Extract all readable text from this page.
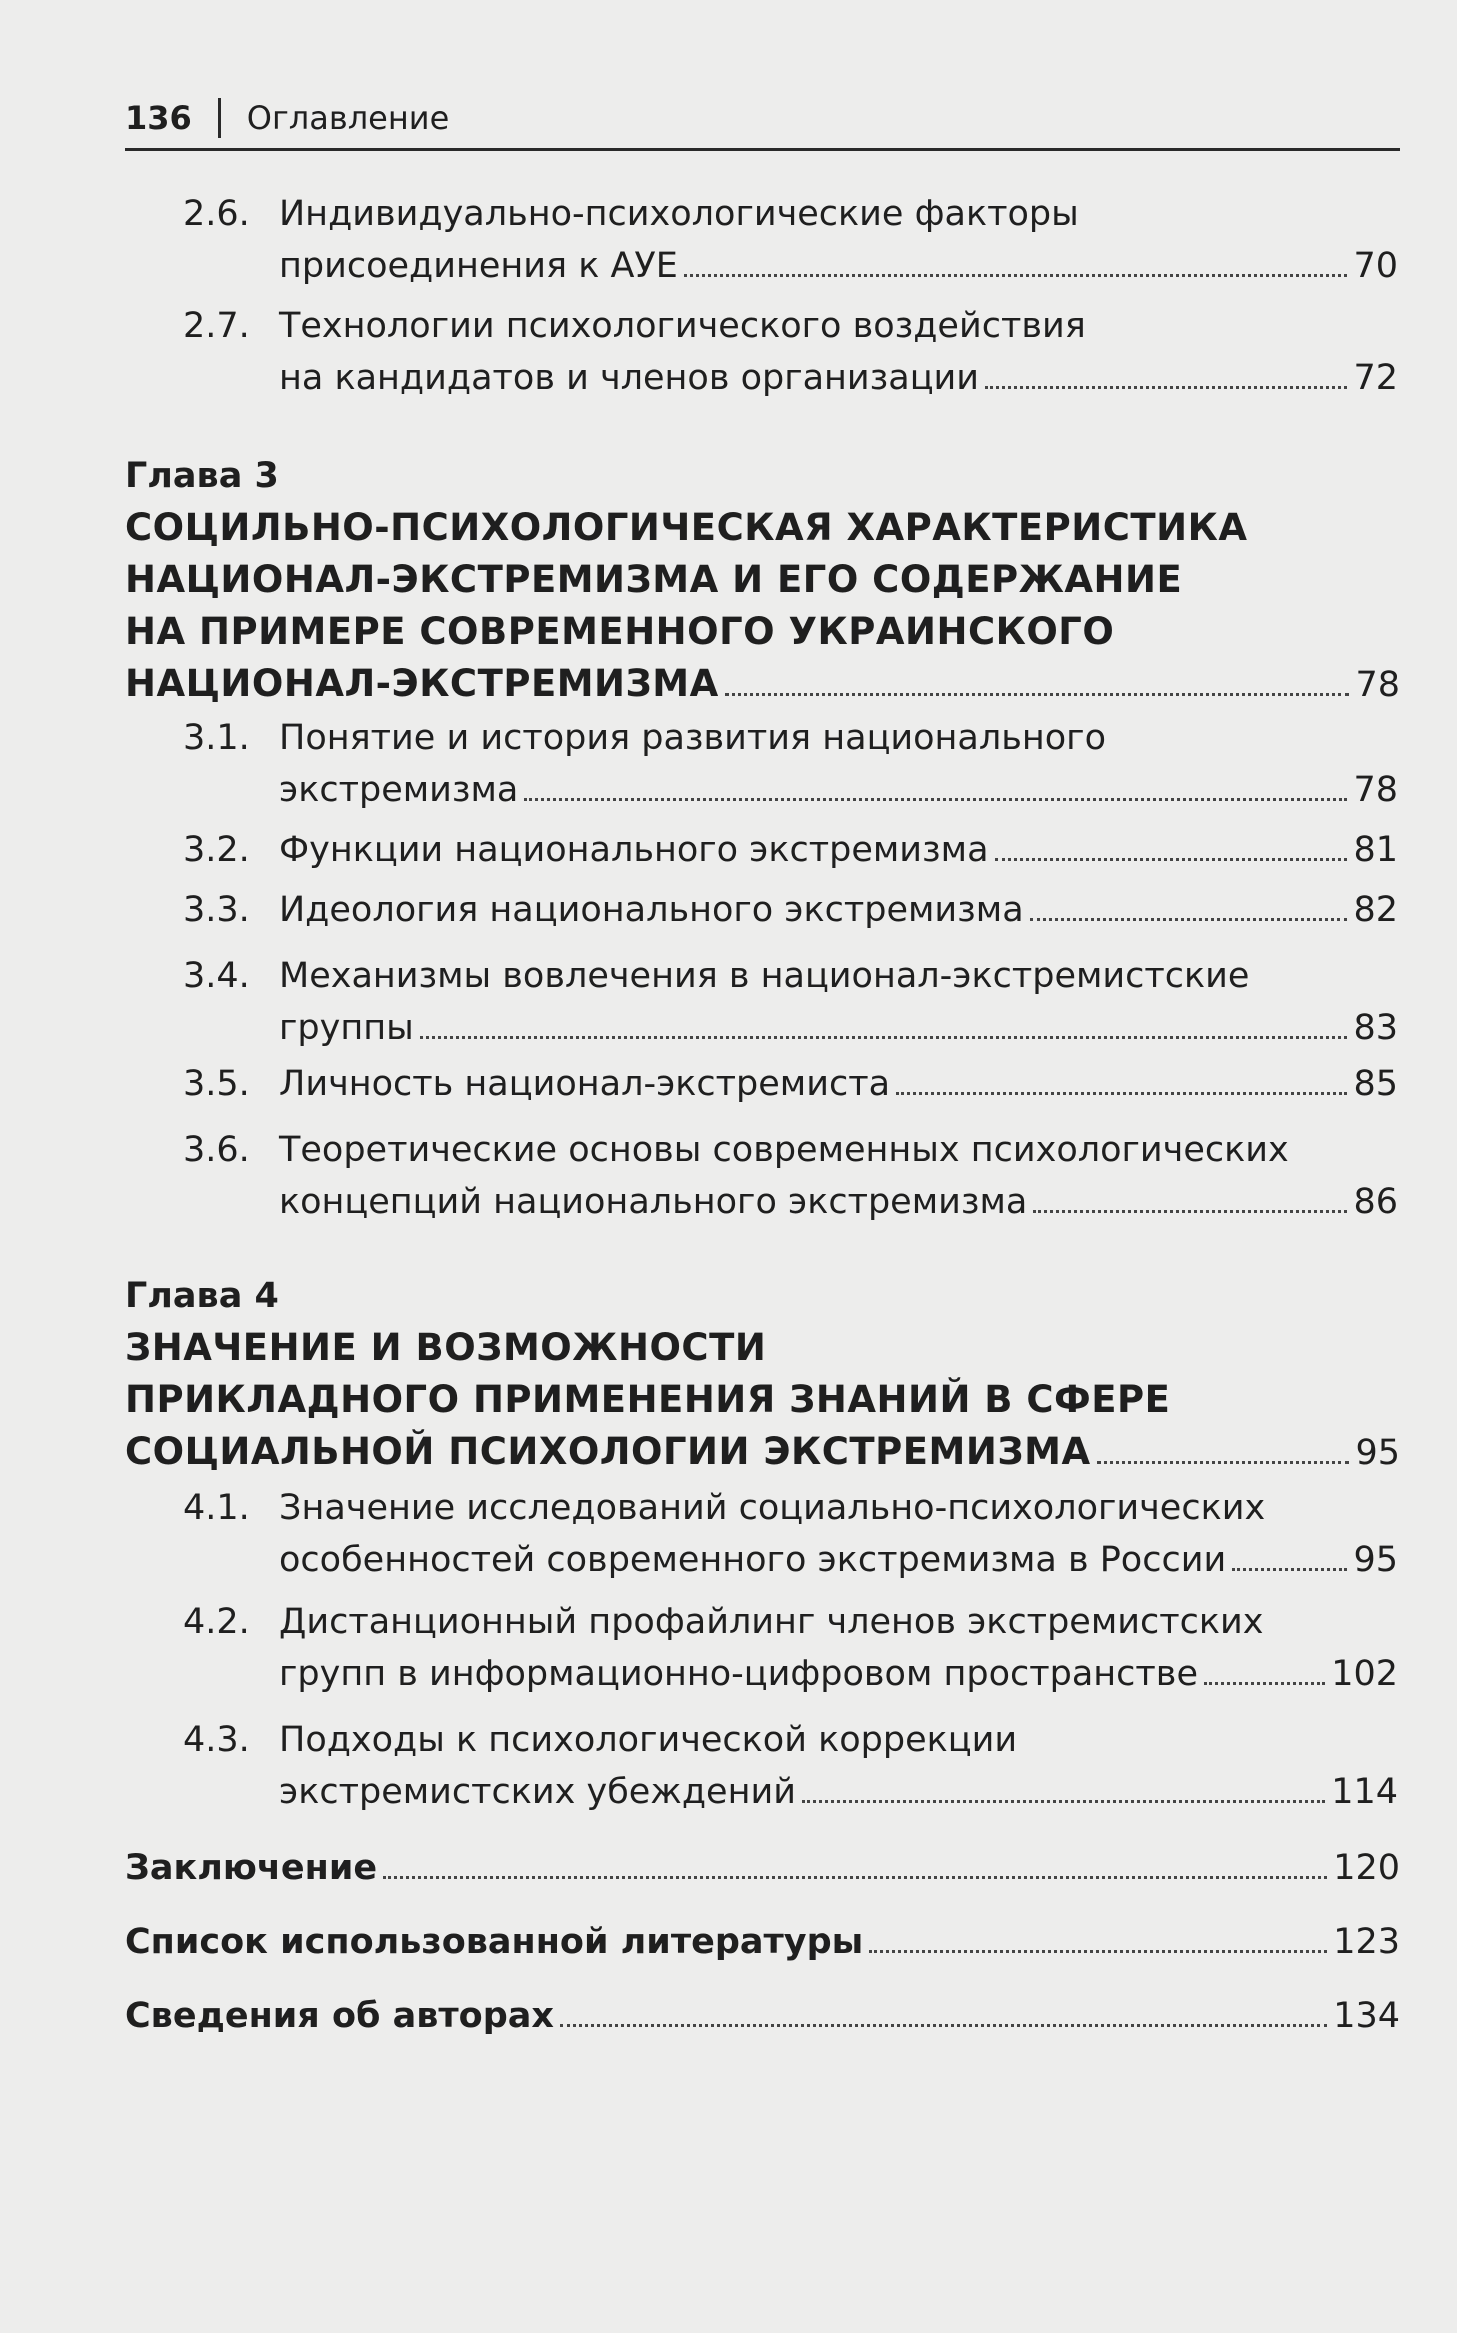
136 Оглавление
2.6. Индивидуально-психологические факторы
присоединения к АУЕ	70
2.7. Технологии психологического воздействия
на кандидатов и членов организации	72
Глава 3
СОЦИЛЬНО-ПСИХОЛОГИЧЕСКАЯ ХАРАКТЕРИСТИКА
НАЦИОНАЛ-ЭКСТРЕМИЗМА И ЕГО СОДЕРЖАНИЕ
НА ПРИМЕРЕ СОВРЕМЕННОГО УКРАИНСКОГО
НАЦИОНАЛ-ЭКСТРЕМИЗМА	78
3.1. Понятие и история развития национального
экстремизма	78
3.2. Функции национального экстремизма	81
3.3. Идеология национального экстремизма	82
3.4. Механизмы вовлечения в национал-экстремистские
группы	83
3.5. Личность национал-экстремиста	85
3.6. Теоретические основы современных психологических
концепций национального экстремизма	86
Глава 4
ЗНАЧЕНИЕ И ВОЗМОЖНОСТИ
ПРИКЛАДНОГО ПРИМЕНЕНИЯ ЗНАНИЙ В СФЕРЕ
СОЦИАЛЬНОЙ ПСИХОЛОГИИ ЭКСТРЕМИЗМА	95
4.1. Значение исследований социально-психологических
особенностей современного экстремизма в России	95
4.2. Дистанционный профайлинг членов экстремистских
групп в информационно-цифровом пространстве	102
4.3. Подходы к психологической коррекции
экстремистских убеждений	114
Заключение	120
Список использованной литературы	123
Сведения об авторах	134
